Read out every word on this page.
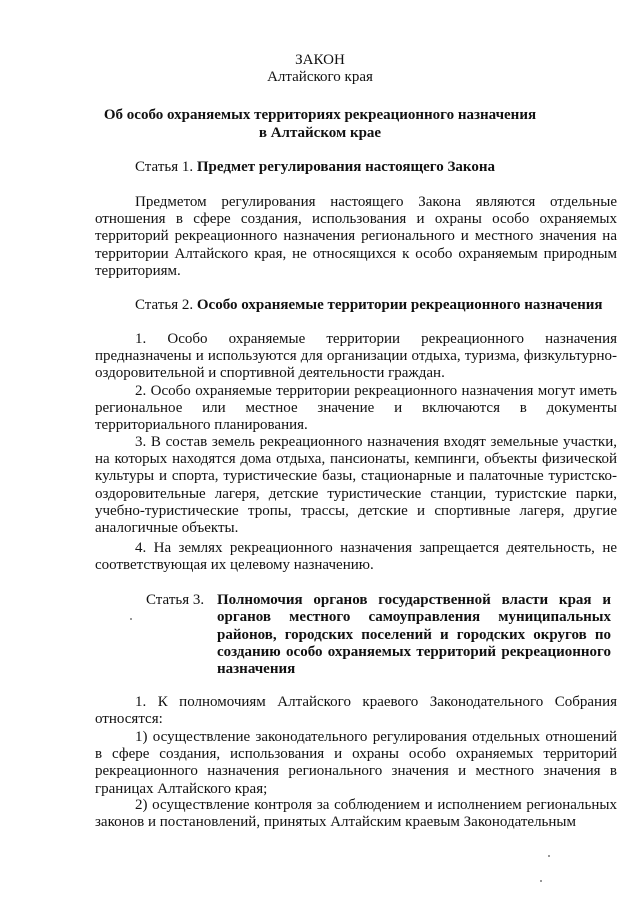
ЗАКОН
Алтайского края
Об особо охраняемых территориях рекреационного назначения
в Алтайском крае
Статья 1. Предмет регулирования настоящего Закона
Предметом регулирования настоящего Закона являются отдельные отношения в сфере создания, использования и охраны особо охраняемых территорий рекреационного назначения регионального и местного значения на территории Алтайского края, не относящихся к особо охраняемым природным территориям.
Статья 2. Особо охраняемые территории рекреационного назначения
1. Особо охраняемые территории рекреационного назначения предназначены и используются для организации отдыха, туризма, физкультурно-оздоровительной и спортивной деятельности граждан.
2. Особо охраняемые территории рекреационного назначения могут иметь региональное или местное значение и включаются в документы территориального планирования.
3. В состав земель рекреационного назначения входят земельные участки, на которых находятся дома отдыха, пансионаты, кемпинги, объекты физической культуры и спорта, туристические базы, стационарные и палаточные туристско-оздоровительные лагеря, детские туристические станции, туристские парки, учебно-туристические тропы, трассы, детские и спортивные лагеря, другие аналогичные объекты.
4. На землях рекреационного назначения запрещается деятельность, не соответствующая их целевому назначению.
Статья 3. Полномочия органов государственной власти края и органов местного самоуправления муниципальных районов, городских поселений и городских округов по созданию особо охраняемых территорий рекреационного назначения
1. К полномочиям Алтайского краевого Законодательного Собрания относятся:
1) осуществление законодательного регулирования отдельных отношений в сфере создания, использования и охраны особо охраняемых территорий рекреационного назначения регионального значения и местного значения в границах Алтайского края;
2) осуществление контроля за соблюдением и исполнением региональных законов и постановлений, принятых Алтайским краевым Законодательным
